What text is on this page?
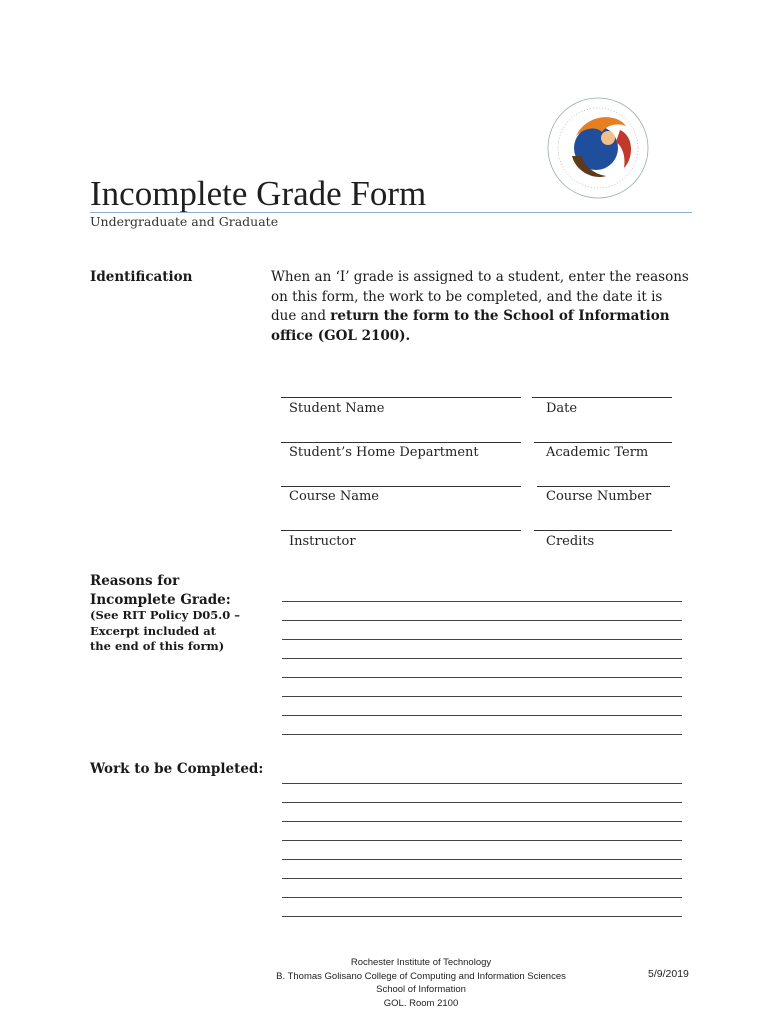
Incomplete Grade Form
Undergraduate and Graduate
Identification	When an ‘I’ grade is assigned to a student, enter the reasons on this form, the work to be completed, and the date it is due and return the form to the School of Information office (GOL 2100).
Student Name	Date
Student’s Home Department	Academic Term
Course Name	Course Number
Instructor	Credits
Reasons for
Incomplete Grade:
(See RIT Policy D05.0 –
Excerpt included at
the end of this form)
Work to be Completed:
Rochester Institute of Technology
B. Thomas Golisano College of Computing and Information Sciences
School of Information
GOL. Room 2100
5/9/2019
